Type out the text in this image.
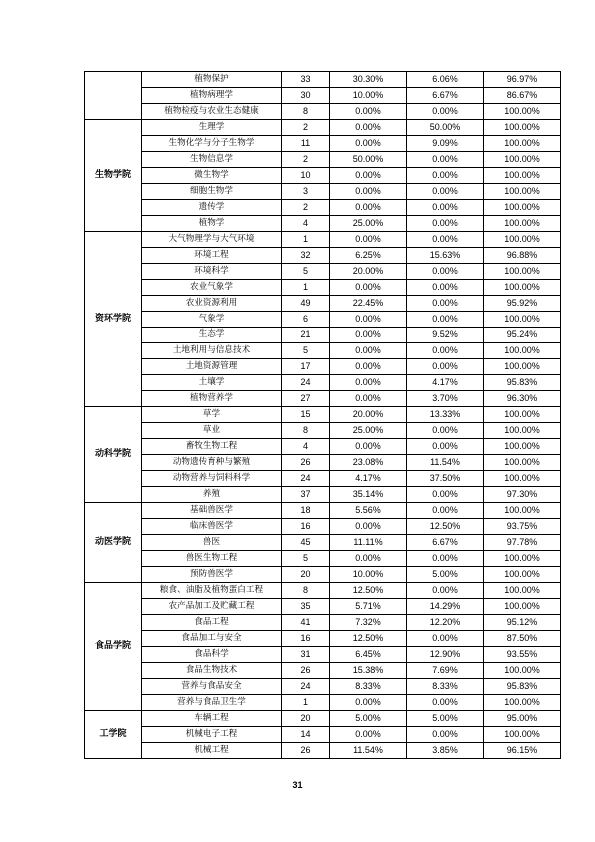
	植物保护	33	30.30%	6.06%	96.97%
	植物病理学	30	10.00%	6.67%	86.67%
	植物检疫与农业生态健康	8	0.00%	0.00%	100.00%
生物学院	生理学	2	0.00%	50.00%	100.00%
	生物化学与分子生物学	11	0.00%	9.09%	100.00%
	生物信息学	2	50.00%	0.00%	100.00%
	微生物学	10	0.00%	0.00%	100.00%
	细胞生物学	3	0.00%	0.00%	100.00%
	遗传学	2	0.00%	0.00%	100.00%
	植物学	4	25.00%	0.00%	100.00%
资环学院	大气物理学与大气环境	1	0.00%	0.00%	100.00%
	环境工程	32	6.25%	15.63%	96.88%
	环境科学	5	20.00%	0.00%	100.00%
	农业气象学	1	0.00%	0.00%	100.00%
	农业资源利用	49	22.45%	0.00%	95.92%
	气象学	6	0.00%	0.00%	100.00%
	生态学	21	0.00%	9.52%	95.24%
	土地利用与信息技术	5	0.00%	0.00%	100.00%
	土地资源管理	17	0.00%	0.00%	100.00%
	土壤学	24	0.00%	4.17%	95.83%
	植物营养学	27	0.00%	3.70%	96.30%
动科学院	草学	15	20.00%	13.33%	100.00%
	草业	8	25.00%	0.00%	100.00%
	畜牧生物工程	4	0.00%	0.00%	100.00%
	动物遗传育种与繁殖	26	23.08%	11.54%	100.00%
	动物营养与饲料科学	24	4.17%	37.50%	100.00%
	养殖	37	35.14%	0.00%	97.30%
动医学院	基础兽医学	18	5.56%	0.00%	100.00%
	临床兽医学	16	0.00%	12.50%	93.75%
	兽医	45	11.11%	6.67%	97.78%
	兽医生物工程	5	0.00%	0.00%	100.00%
	预防兽医学	20	10.00%	5.00%	100.00%
食品学院	粮食、油脂及植物蛋白工程	8	12.50%	0.00%	100.00%
	农产品加工及贮藏工程	35	5.71%	14.29%	100.00%
	食品工程	41	7.32%	12.20%	95.12%
	食品加工与安全	16	12.50%	0.00%	87.50%
	食品科学	31	6.45%	12.90%	93.55%
	食品生物技术	26	15.38%	7.69%	100.00%
	营养与食品安全	24	8.33%	8.33%	95.83%
	营养与食品卫生学	1	0.00%	0.00%	100.00%
工学院	车辆工程	20	5.00%	5.00%	95.00%
	机械电子工程	14	0.00%	0.00%	100.00%
	机械工程	26	11.54%	3.85%	96.15%
31
